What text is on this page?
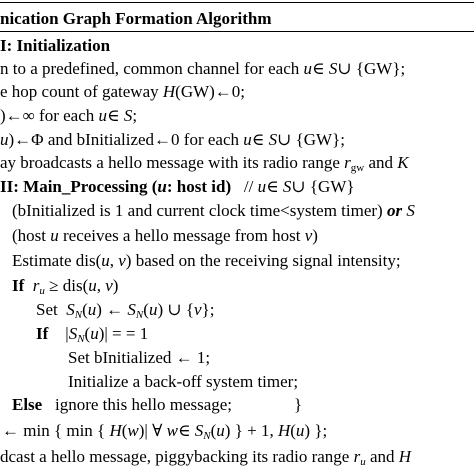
nication Graph Formation Algorithm
I: Initialization
n to a predefined, common channel for each u∈ S∪ {GW};
e hop count of gateway H(GW)←0;
)←∞ for each u∈ S;
u)←Φ and bInitialized←0 for each u∈ S∪ {GW};
ay broadcasts a hello message with its radio range $r_{gw}$ and K
II: Main_Processing (u: host id)   // u∈ S∪ {GW}
(bInitialized is 1 and current clock time<system timer) or S
(host u receives a hello message from host v)
Estimate dis(u, v) based on the receiving signal intensity;
If $r_u \ge dis(u$, v)
Set  $S_N(u)$ ← $S_N(u)$ ∪ {v};
If    $|S_N(u)|$ = = 1
Set bInitialized ← 1;
Initialize a back-off system timer;
Else   ignore this hello message;	}
← min { min { H(w)| ∀ w∈ $S_N(u)$ } + 1, H(u) };
dcast a hello message, piggybacking its radio range $r_u$ and H
